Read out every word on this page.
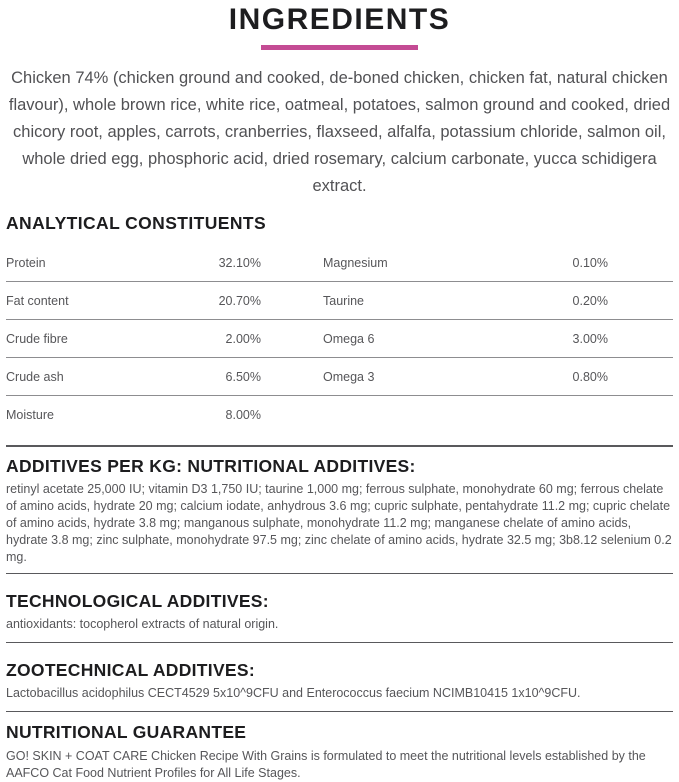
INGREDIENTS

Chicken 74% (chicken ground and cooked, de-boned chicken, chicken fat, natural chicken flavour), whole brown rice, white rice, oatmeal, potatoes, salmon ground and cooked, dried chicory root, apples, carrots, cranberries, flaxseed, alfalfa, potassium chloride, salmon oil, whole dried egg, phosphoric acid, dried rosemary, calcium carbonate, yucca schidigera extract.

ANALYTICAL CONSTITUENTS
Protein	32.10%	Magnesium	0.10%
Fat content	20.70%	Taurine	0.20%
Crude fibre	2.00%	Omega 6	3.00%
Crude ash	6.50%	Omega 3	0.80%
Moisture	8.00%
ADDITIVES PER KG: NUTRITIONAL ADDITIVES:

retinyl acetate 25,000 IU; vitamin D3 1,750 IU; taurine 1,000 mg; ferrous sulphate, monohydrate 60 mg; ferrous chelate of amino acids, hydrate 20 mg; calcium iodate, anhydrous 3.6 mg; cupric sulphate, pentahydrate 11.2 mg; cupric chelate of amino acids, hydrate 3.8 mg; manganous sulphate, monohydrate 11.2 mg; manganese chelate of amino acids, hydrate 3.8 mg; zinc sulphate, monohydrate 97.5 mg; zinc chelate of amino acids, hydrate 32.5 mg; 3b8.12 selenium 0.2 mg.

TECHNOLOGICAL ADDITIVES:

antioxidants: tocopherol extracts of natural origin.

ZOOTECHNICAL ADDITIVES:

Lactobacillus acidophilus CECT4529 5x10^9CFU and Enterococcus faecium NCIMB10415 1x10^9CFU.

NUTRITIONAL GUARANTEE

GO! SKIN + COAT CARE Chicken Recipe With Grains is formulated to meet the nutritional levels established by the AAFCO Cat Food Nutrient Profiles for All Life Stages.
